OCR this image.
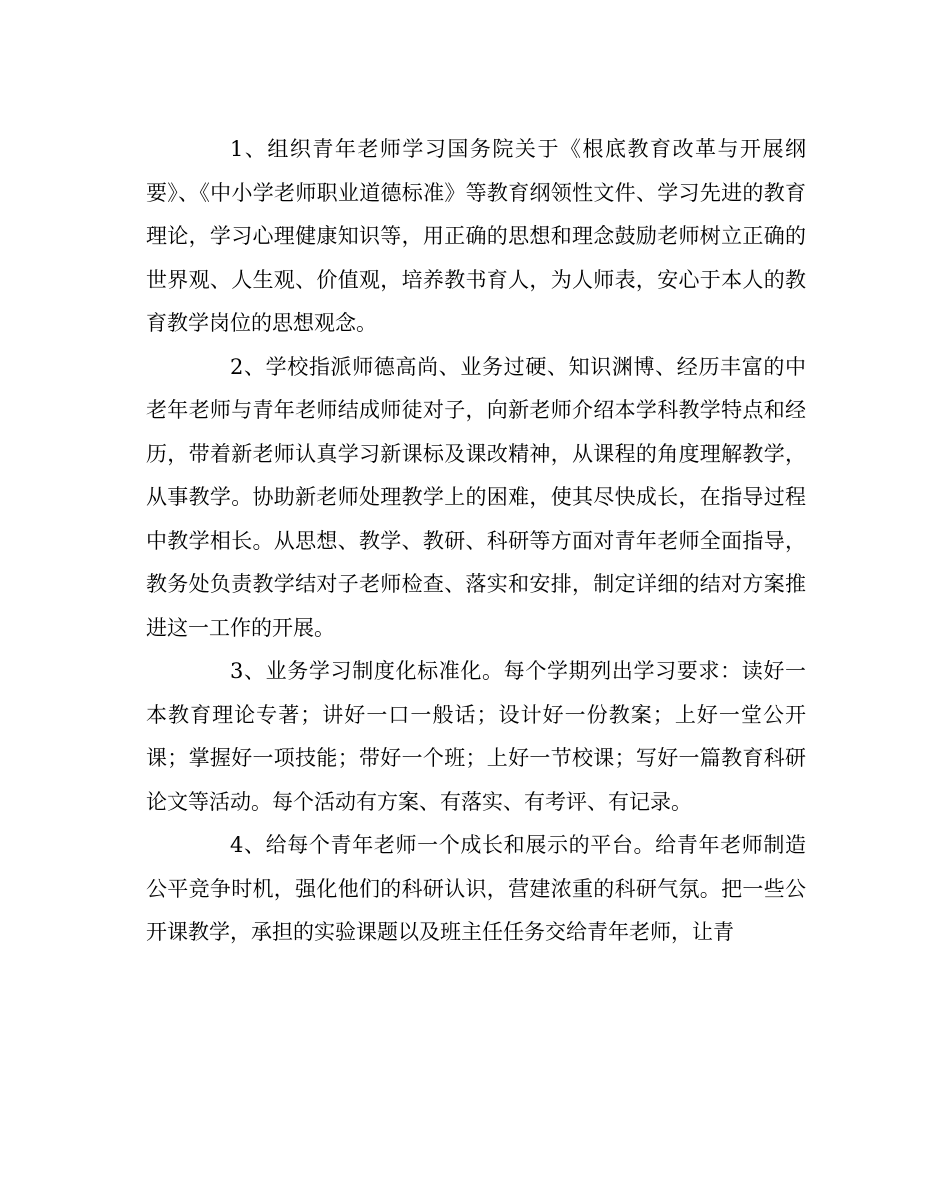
1、组织青年老师学习国务院关于《根底教育改革与开展纲要》、《中小学老师职业道德标准》等教育纲领性文件、学习先进的教育理论，学习心理健康知识等，用正确的思想和理念鼓励老师树立正确的世界观、人生观、价值观，培养教书育人，为人师表，安心于本人的教育教学岗位的思想观念。

2、学校指派师德高尚、业务过硬、知识渊博、经历丰富的中老年老师与青年老师结成师徒对子，向新老师介绍本学科教学特点和经历，带着新老师认真学习新课标及课改精神，从课程的角度理解教学，从事教学。协助新老师处理教学上的困难，使其尽快成长，在指导过程中教学相长。从思想、教学、教研、科研等方面对青年老师全面指导，教务处负责教学结对子老师检查、落实和安排，制定详细的结对方案推进这一工作的开展。

3、业务学习制度化标准化。每个学期列出学习要求：读好一本教育理论专著；讲好一口一般话；设计好一份教案；上好一堂公开课；掌握好一项技能；带好一个班；上好一节校课；写好一篇教育科研论文等活动。每个活动有方案、有落实、有考评、有记录。

4、给每个青年老师一个成长和展示的平台。给青年老师制造公平竞争时机，强化他们的科研认识，营建浓重的科研气氛。把一些公开课教学，承担的实验课题以及班主任任务交给青年老师，让青
